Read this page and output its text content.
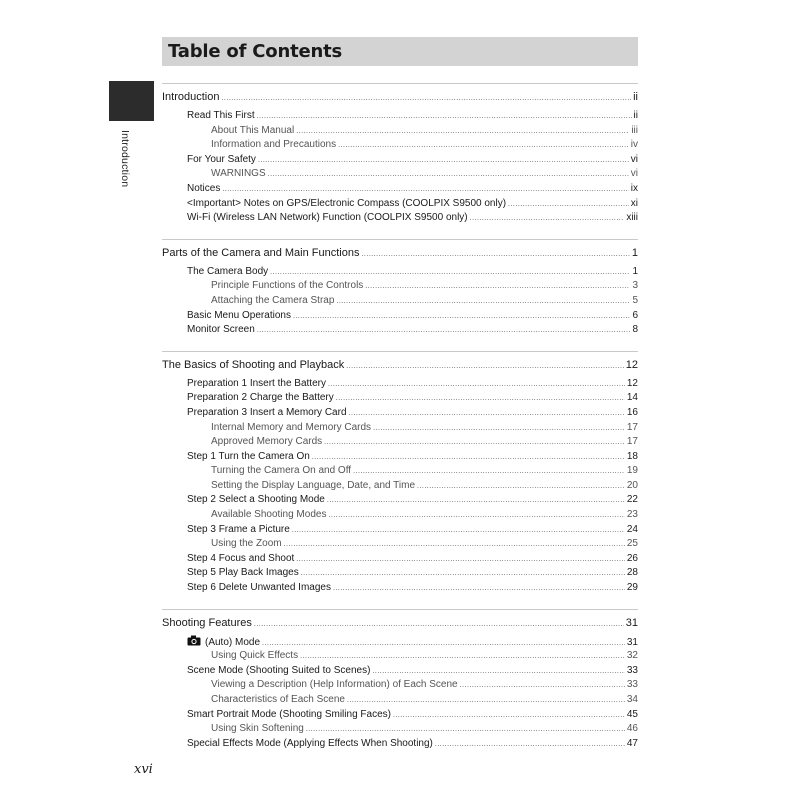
Table of Contents
Introduction
Introduction .....	ii
Read This First .....	ii
About This Manual .....	iii
Information and Precautions .....	iv
For Your Safety .....	vi
WARNINGS .....	vi
Notices .....	ix
<Important> Notes on GPS/Electronic Compass (COOLPIX S9500 only) .....	xi
Wi-Fi (Wireless LAN Network) Function (COOLPIX S9500 only) .....	xiii
Parts of the Camera and Main Functions .....	1
The Camera Body .....	1
Principle Functions of the Controls .....	3
Attaching the Camera Strap .....	5
Basic Menu Operations .....	6
Monitor Screen .....	8
The Basics of Shooting and Playback .....	12
Preparation 1 Insert the Battery .....	12
Preparation 2 Charge the Battery .....	14
Preparation 3 Insert a Memory Card .....	16
Internal Memory and Memory Cards .....	17
Approved Memory Cards .....	17
Step 1 Turn the Camera On .....	18
Turning the Camera On and Off .....	19
Setting the Display Language, Date, and Time .....	20
Step 2 Select a Shooting Mode .....	22
Available Shooting Modes .....	23
Step 3 Frame a Picture .....	24
Using the Zoom .....	25
Step 4 Focus and Shoot .....	26
Step 5 Play Back Images .....	28
Step 6 Delete Unwanted Images .....	29
Shooting Features .....	31
(Auto) Mode .....	31
Using Quick Effects .....	32
Scene Mode (Shooting Suited to Scenes) .....	33
Viewing a Description (Help Information) of Each Scene .....	33
Characteristics of Each Scene .....	34
Smart Portrait Mode (Shooting Smiling Faces) .....	45
Using Skin Softening .....	46
Special Effects Mode (Applying Effects When Shooting) .....	47
xvi
